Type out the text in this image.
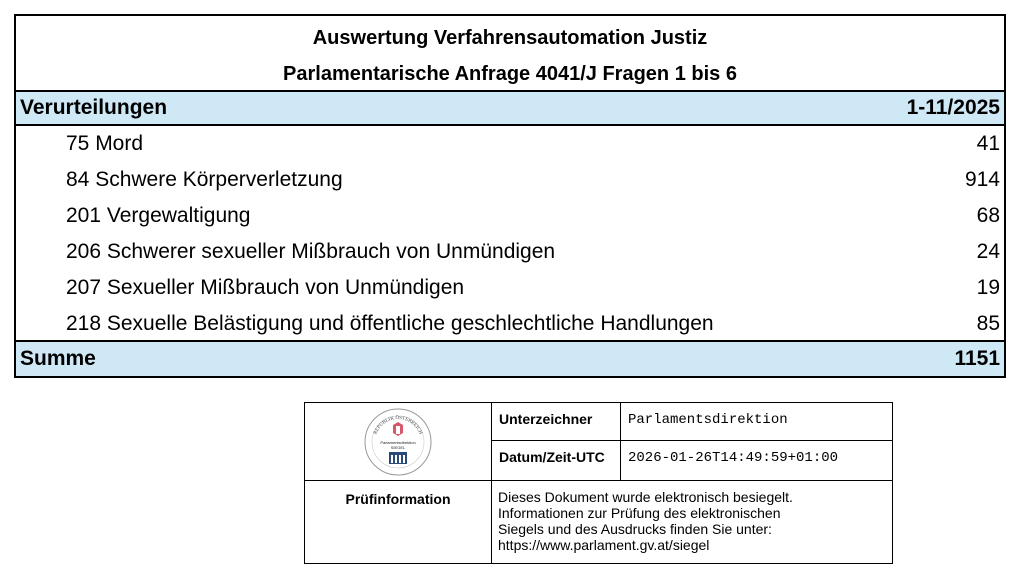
Auswertung Verfahrensautomation Justiz
Parlamentarische Anfrage 4041/J Fragen 1 bis 6
Verurteilungen	1-11/2025
75 Mord	41
84 Schwere Körperverletzung	914
201 Vergewaltigung	68
206 Schwerer sexueller Mißbrauch von Unmündigen	24
207 Sexueller Mißbrauch von Unmündigen	19
218 Sexuelle Belästigung und öffentliche geschlechtliche Handlungen	85
Summe	1151
REPUBLIK ÖSTERREICH
Parlamentsdirektion
SIEGEL
Unterzeichner	Parlamentsdirektion
Datum/Zeit-UTC	2026-01-26T14:49:59+01:00
Prüfinformation	Dieses Dokument wurde elektronisch besiegelt.
Informationen zur Prüfung des elektronischen
Siegels und des Ausdrucks finden Sie unter:
https://www.parlament.gv.at/siegel
